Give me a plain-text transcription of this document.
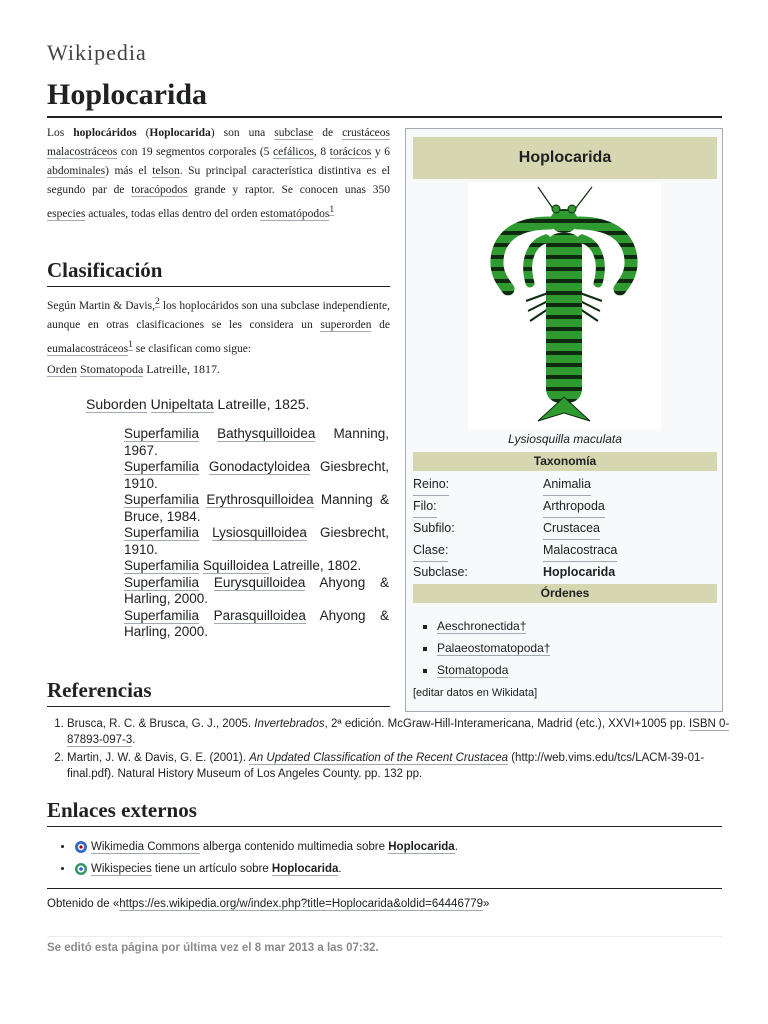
Wikipedia
Hoplocarida
Los hoplocáridos (Hoplocarida) son una subclase de crustáceos malacostráceos con 19 segmentos corporales (5 cefálicos, 8 torácicos y 6 abdominales) más el telson. Su principal característica distintiva es el segundo par de toracópodos grande y raptor. Se conocen unas 350 especies actuales, todas ellas dentro del orden estomatópodos$^1$
Clasificación
Según Martin & Davis,$^2$ los hoplocáridos son una subclase independiente, aunque en otras clasificaciones se les considera un superorden de eumalacostráceos$^1$ se clasifican como sigue:
Orden Stomatopoda Latreille, 1817.
Suborden Unipeltata Latreille, 1825.
Superfamilia Bathysquilloidea Manning, 1967.
Superfamilia Gonodactyloidea Giesbrecht, 1910.
Superfamilia Erythrosquilloidea Manning & Bruce, 1984.
Superfamilia Lysiosquilloidea Giesbrecht, 1910.
Superfamilia Squilloidea Latreille, 1802.
Superfamilia Eurysquilloidea Ahyong & Harling, 2000.
Superfamilia Parasquilloidea Ahyong & Harling, 2000.
Referencias
1. Brusca, R. C. & Brusca, G. J., 2005. Invertebrados, 2ª edición. McGraw-Hill-Interamericana, Madrid (etc.), XXVI+1005 pp. ISBN 0-87893-097-3.
2. Martin, J. W. & Davis, G. E. (2001). An Updated Classification of the Recent Crustacea (http://web.vims.edu/tcs/LACM-39-01-final.pdf). Natural History Museum of Los Angeles County. pp. 132 pp.
Enlaces externos
• Wikimedia Commons alberga contenido multimedia sobre Hoplocarida.
• Wikispecies tiene un artículo sobre Hoplocarida.
Obtenido de «https://es.wikipedia.org/w/index.php?title=Hoplocarida&oldid=64446779»
Se editó esta página por última vez el 8 mar 2013 a las 07:32.
Hoplocarida
Lysiosquilla maculata
Taxonomía
Reino:	Animalia
Filo:	Arthropoda
Subfilo:	Crustacea
Clase:	Malacostraca
Subclase:	Hoplocarida
Órdenes
▪ Aeschronectida†
▪ Palaeostomatopoda†
▪ Stomatopoda
[editar datos en Wikidata]
